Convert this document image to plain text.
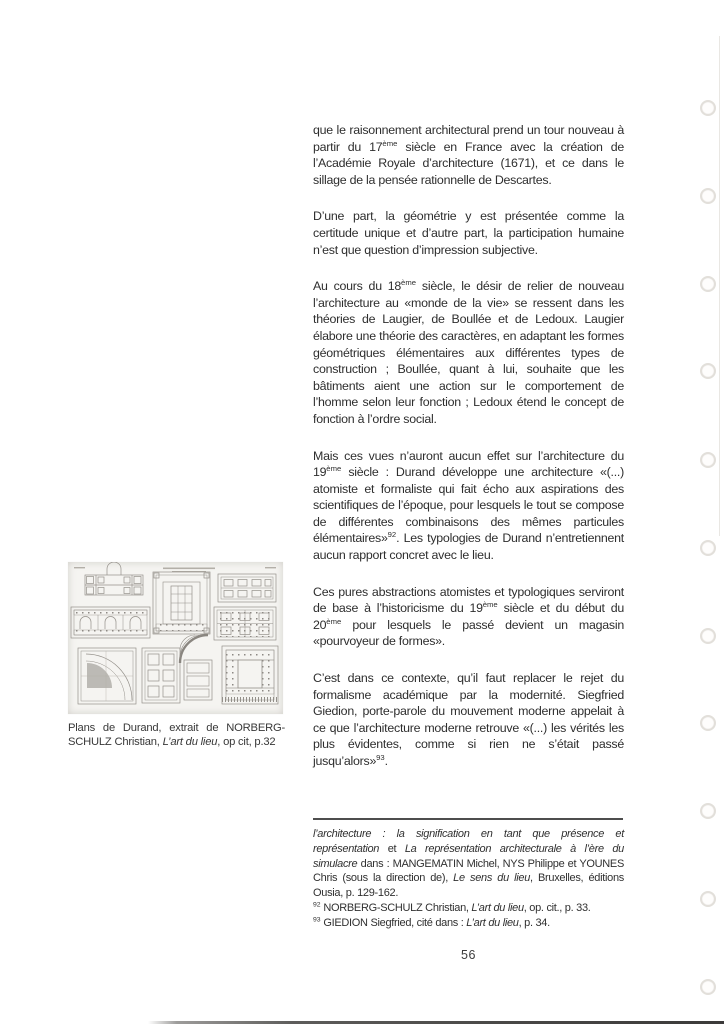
que le raisonnement architectural prend un tour nouveau à partir du 17ème siècle en France avec la création de l’Académie Royale d’architecture (1671), et ce dans le sillage de la pensée rationnelle de Descartes.

D’une part, la géométrie y est présentée comme la certitude unique et d’autre part, la participation humaine n’est que question d’impression subjective.

Au cours du 18ème siècle, le désir de relier de nouveau l’architecture au «monde de la vie» se ressent dans les théories de Laugier, de Boullée et de Ledoux. Laugier élabore une théorie des caractères, en adaptant les formes géométriques élémentaires aux différentes types de construction ; Boullée, quant à lui, souhaite que les bâtiments aient une action sur le comportement de l’homme selon leur fonction ; Ledoux étend le concept de fonction à l’ordre social.

Mais ces vues n’auront aucun effet sur l’architecture du 19ème siècle : Durand développe une architecture «(...) atomiste et formaliste qui fait écho aux aspirations des scientifiques de l’époque, pour lesquels le tout se compose de différentes combinaisons des mêmes particules élémentaires»$^{92}$. Les typologies de Durand n’entretiennent aucun rapport concret avec le lieu.

Ces pures abstractions atomistes et typologiques serviront de base à l’historicisme du 19ème siècle et du début du 20ème pour lesquels le passé devient un magasin «pourvoyeur de formes».

C’est dans ce contexte, qu’il faut replacer le rejet du formalisme académique par la modernité. Siegfried Giedion, porte-parole du mouvement moderne appelait à ce que l’architecture moderne retrouve «(...) les vérités les plus évidentes, comme si rien ne s’était passé jusqu’alors»$^{93}$.

Plans de Durand, extrait de NORBERG-SCHULZ Christian, L’art du lieu, op cit, p.32

l’architecture : la signification en tant que présence et représentation et La représentation architecturale à l’ère du simulacre dans : MANGEMATIN Michel, NYS Philippe et YOUNES Chris (sous la direction de), Le sens du lieu, Bruxelles, éditions Ousia, p. 129-162.

$^{92}$ NORBERG-SCHULZ Christian, L’art du lieu, op. cit., p. 33.

$^{93}$ GIEDION Siegfried, cité dans : L’art du lieu, p. 34.

56
